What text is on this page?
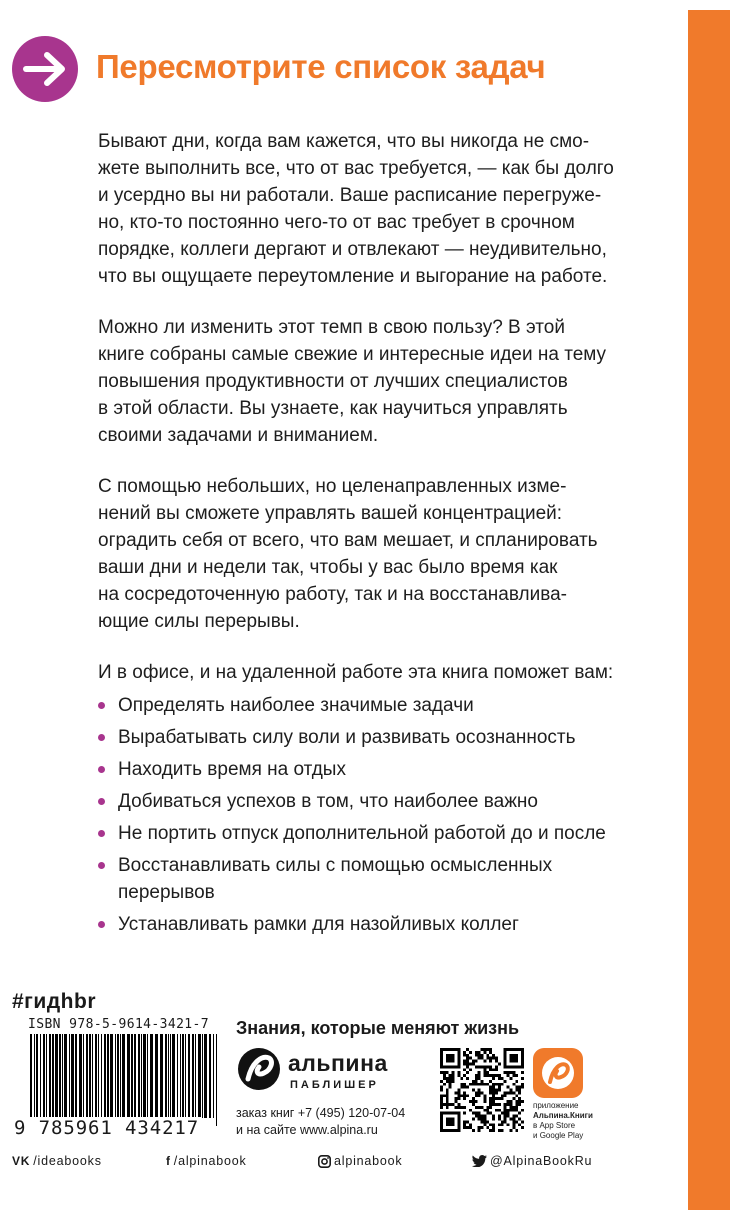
Пересмотрите список задач

Бывают дни, когда вам кажется, что вы никогда не смо-
жете выполнить все, что от вас требуется, — как бы долго
и усердно вы ни работали. Ваше расписание перегруже-
но, кто-то постоянно чего-то от вас требует в срочном
порядке, коллеги дергают и отвлекают — неудивительно,
что вы ощущаете переутомление и выгорание на работе.

Можно ли изменить этот темп в свою пользу? В этой
книге собраны самые свежие и интересные идеи на тему
повышения продуктивности от лучших специалистов
в этой области. Вы узнаете, как научиться управлять
своими задачами и вниманием.

С помощью небольших, но целенаправленных изме-
нений вы сможете управлять вашей концентрацией:
оградить себя от всего, что вам мешает, и спланировать
ваши дни и недели так, чтобы у вас было время как
на сосредоточенную работу, так и на восстанавлива-
ющие силы перерывы.

И в офисе, и на удаленной работе эта книга поможет вам:

Определять наиболее значимые задачи
Вырабатывать силу воли и развивать осознанность
Находить время на отдых
Добиваться успехов в том, что наиболее важно
Не портить отпуск дополнительной работой до и после
Восстанавливать силы с помощью осмысленных
перерывов
Устанавливать рамки для назойливых коллег
#гидhbr
ISBN 978-5-9614-3421-7
9 785961 434217
Знания, которые меняют жизнь
альпина
ПАБЛИШЕР
заказ книг +7 (495) 120-07-04
и на сайте www.alpina.ru
приложение
Альпина.Книги
в App Store
и Google Play
VK /ideabooks	f /alpinabook	alpinabook	@AlpinaBookRu
